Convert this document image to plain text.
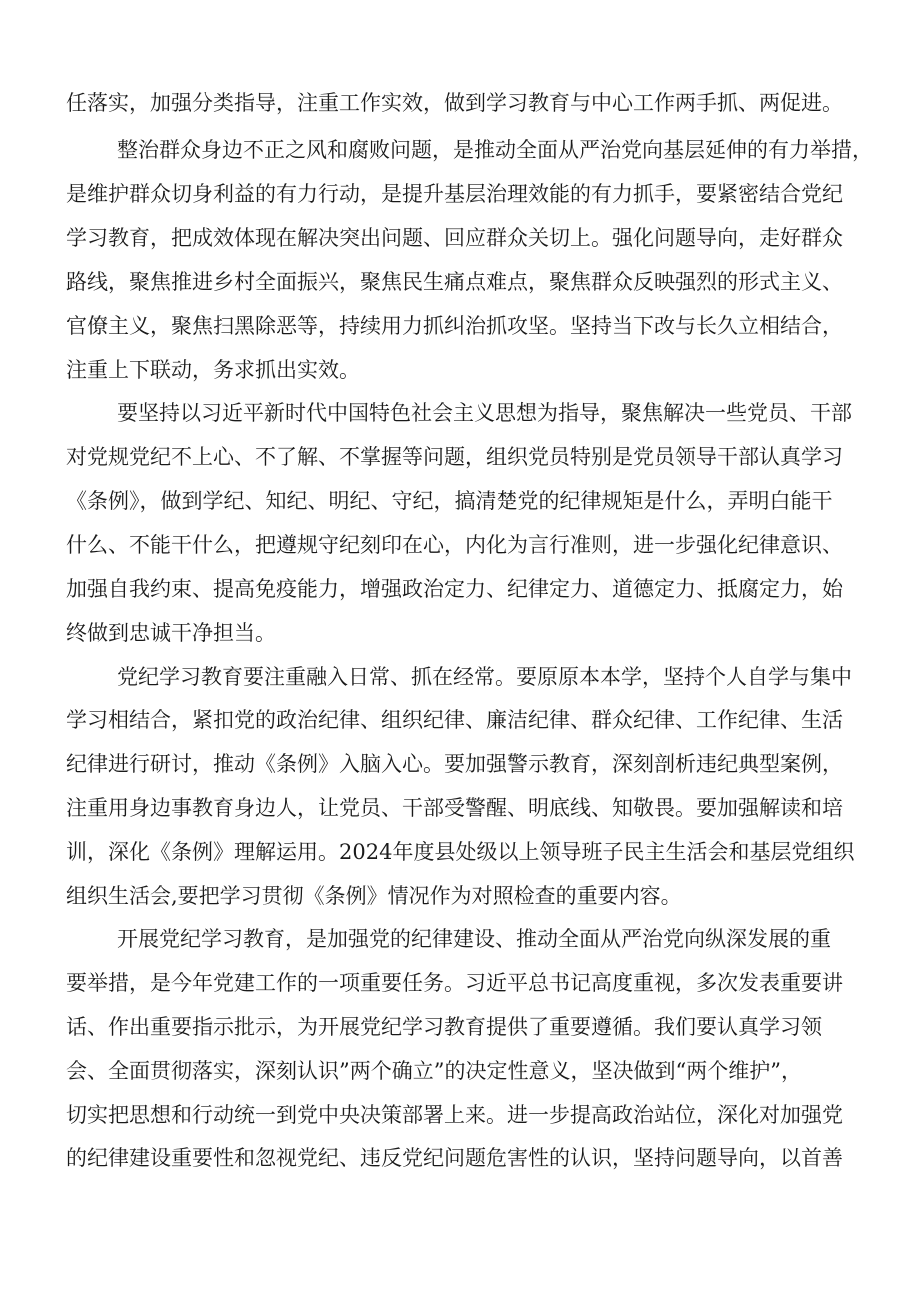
任落实，加强分类指导，注重工作实效，做到学习教育与中心工作两手抓、两促进。
整治群众身边不正之风和腐败问题，是推动全面从严治党向基层延伸的有力举措，
是维护群众切身利益的有力行动，是提升基层治理效能的有力抓手，要紧密结合党纪
学习教育，把成效体现在解决突出问题、回应群众关切上。强化问题导向，走好群众
路线，聚焦推进乡村全面振兴，聚焦民生痛点难点，聚焦群众反映强烈的形式主义、
官僚主义，聚焦扫黑除恶等，持续用力抓纠治抓攻坚。坚持当下改与长久立相结合，
注重上下联动，务求抓出实效。
要坚持以习近平新时代中国特色社会主义思想为指导，聚焦解决一些党员、干部
对党规党纪不上心、不了解、不掌握等问题，组织党员特别是党员领导干部认真学习
《条例》，做到学纪、知纪、明纪、守纪，搞清楚党的纪律规矩是什么，弄明白能干
什么、不能干什么，把遵规守纪刻印在心，内化为言行准则，进一步强化纪律意识、
加强自我约束、提高免疫能力，增强政治定力、纪律定力、道德定力、抵腐定力，始
终做到忠诚干净担当。
党纪学习教育要注重融入日常、抓在经常。要原原本本学，坚持个人自学与集中
学习相结合，紧扣党的政治纪律、组织纪律、廉洁纪律、群众纪律、工作纪律、生活
纪律进行研讨，推动《条例》入脑入心。要加强警示教育，深刻剖析违纪典型案例，
注重用身边事教育身边人，让党员、干部受警醒、明底线、知敬畏。要加强解读和培
训，深化《条例》理解运用。2024年度县处级以上领导班子民主生活会和基层党组织
组织生活会,要把学习贯彻《条例》情况作为对照检查的重要内容。
开展党纪学习教育，是加强党的纪律建设、推动全面从严治党向纵深发展的重
要举措，是今年党建工作的一项重要任务。习近平总书记高度重视，多次发表重要讲
话、作出重要指示批示，为开展党纪学习教育提供了重要遵循。我们要认真学习领
会、全面贯彻落实，深刻认识”两个确立”的决定性意义，坚决做到“两个维护”，
切实把思想和行动统一到党中央决策部署上来。进一步提高政治站位，深化对加强党
的纪律建设重要性和忽视党纪、违反党纪问题危害性的认识，坚持问题导向，以首善
